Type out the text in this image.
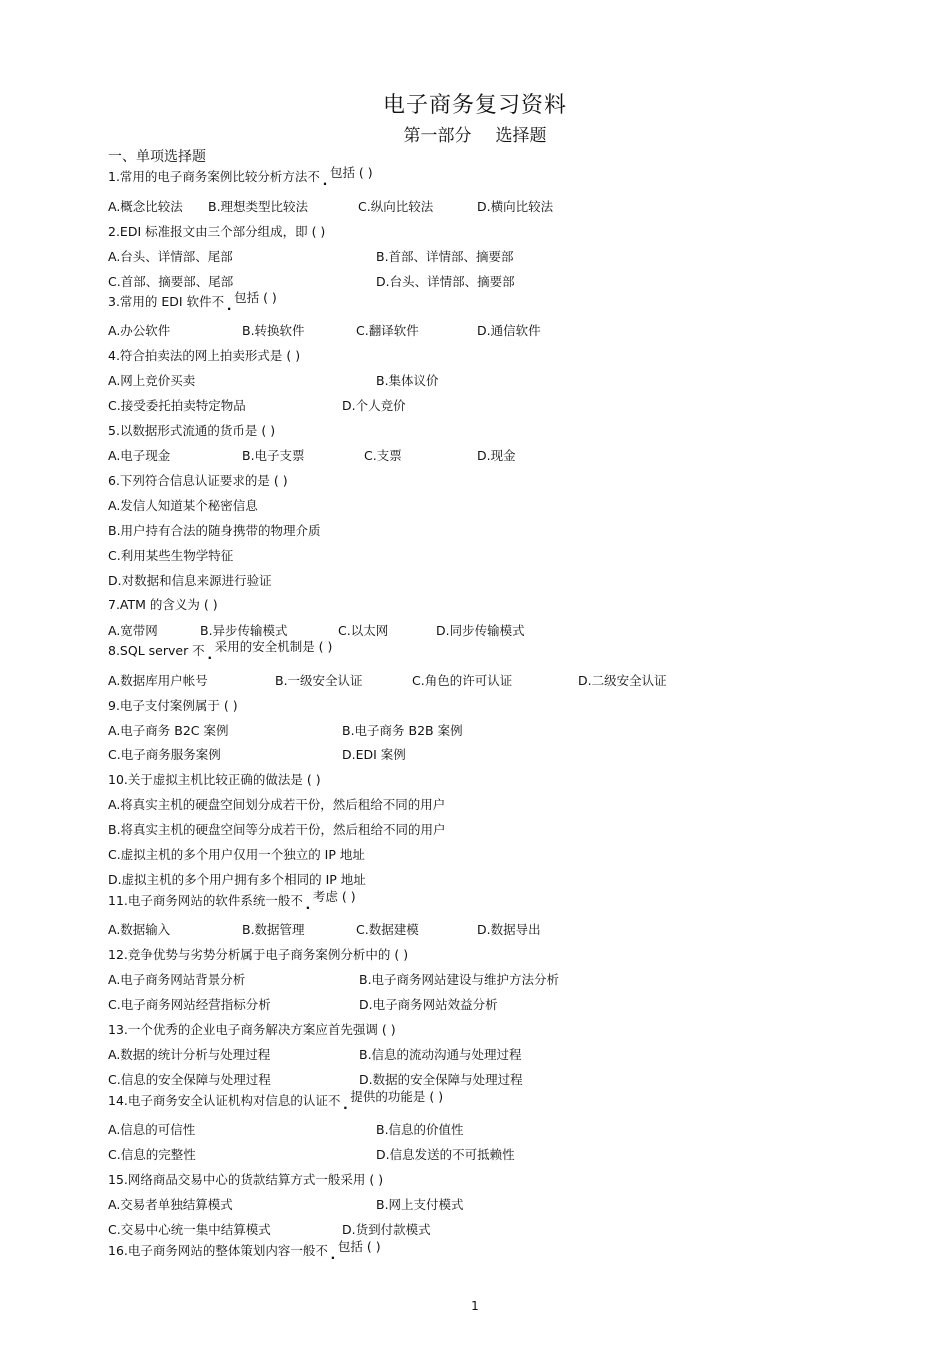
电子商务复习资料
第一部分 选择题
一、单项选择题
1.常用的电子商务案例比较分析方法不 .包括 ( )
A.概念比较法 B.理想类型比较法	C.纵向比较法	D.横向比较法
2.EDI 标准报文由三个部分组成，即 ( )
A.台头、详情部、尾部	B.首部、详情部、摘要部
C.首部、摘要部、尾部	D.台头、详情部、摘要部
3.常用的 EDI 软件不 .包括 ( )
A.办公软件	B.转换软件	C.翻译软件	D.通信软件
4.符合拍卖法的网上拍卖形式是 ( )
A.网上竞价买卖	B.集体议价
C.接受委托拍卖特定物品	D.个人竞价
5.以数据形式流通的货币是 ( )
A.电子现金	B.电子支票	C.支票	D.现金
6.下列符合信息认证要求的是 ( )
A.发信人知道某个秘密信息
B.用户持有合法的随身携带的物理介质
C.利用某些生物学特征
D.对数据和信息来源进行验证
7.ATM 的含义为 ( )
A.宽带网	B.异步传输模式	C.以太网	D.同步传输模式
8.SQL server 不 .采用的安全机制是 ( )
A.数据库用户帐号	B.一级安全认证	C.角色的许可认证	D.二级安全认证
9.电子支付案例属于 ( )
A.电子商务 B2C 案例	B.电子商务 B2B 案例
C.电子商务服务案例	D.EDI 案例
10.关于虚拟主机比较正确的做法是 ( )
A.将真实主机的硬盘空间划分成若干份，然后租给不同的用户
B.将真实主机的硬盘空间等分成若干份，然后租给不同的用户
C.虚拟主机的多个用户仅用一个独立的 IP 地址
D.虚拟主机的多个用户拥有多个相同的 IP 地址
11.电子商务网站的软件系统一般不 .考虑 ( )
A.数据输入	B.数据管理	C.数据建模	D.数据导出
12.竞争优势与劣势分析属于电子商务案例分析中的 ( )
A.电子商务网站背景分析	B.电子商务网站建设与维护方法分析
C.电子商务网站经营指标分析	D.电子商务网站效益分析
13.一个优秀的企业电子商务解决方案应首先强调 ( )
A.数据的统计分析与处理过程	B.信息的流动沟通与处理过程
C.信息的安全保障与处理过程	D.数据的安全保障与处理过程
14.电子商务安全认证机构对信息的认证不 .提供的功能是 ( )
A.信息的可信性	B.信息的价值性
C.信息的完整性	D.信息发送的不可抵赖性
15.网络商品交易中心的货款结算方式一般采用 ( )
A.交易者单独结算模式	B.网上支付模式
C.交易中心统一集中结算模式	D.货到付款模式
16.电子商务网站的整体策划内容一般不 .包括 ( )
1
